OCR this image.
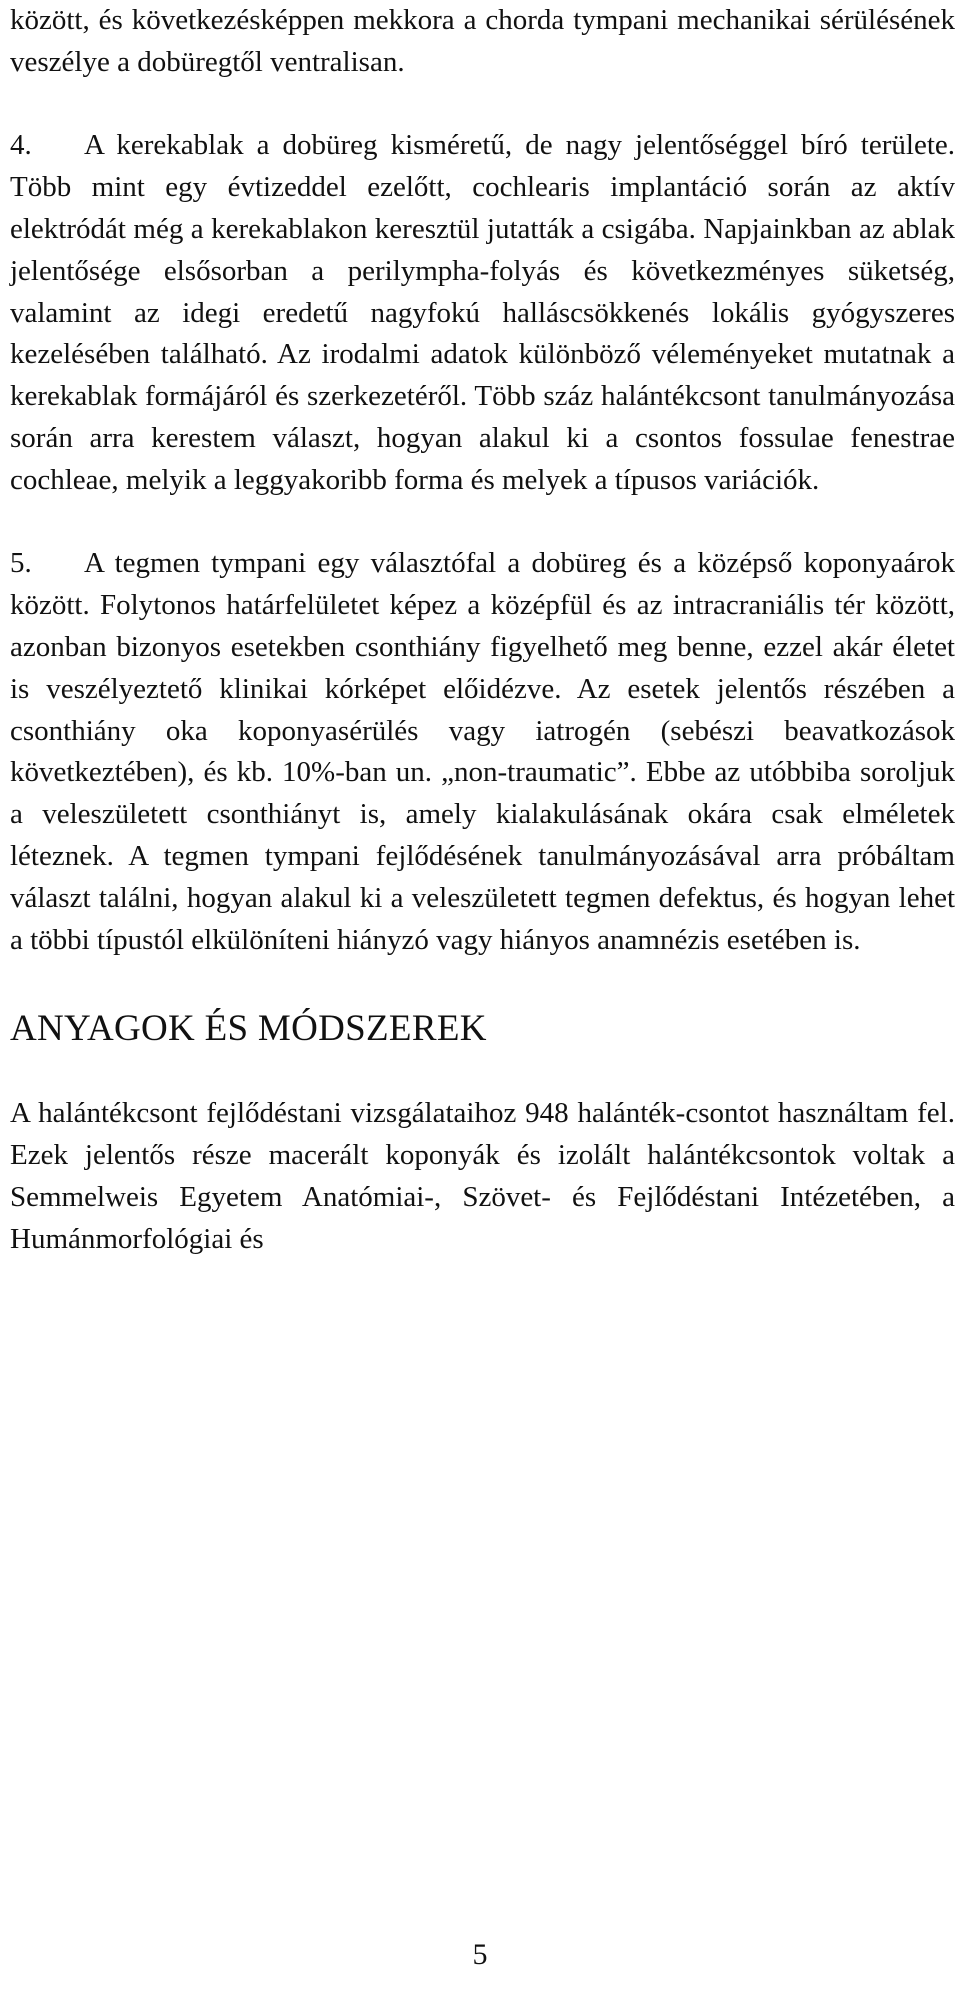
között, és következésképpen mekkora a chorda tympani mechanikai sérülésének veszélye a dobüregtől ventralisan.

4. A kerekablak a dobüreg kisméretű, de nagy jelentőséggel bíró területe. Több mint egy évtizeddel ezelőtt, cochlearis implantáció során az aktív elektródát még a kerekablakon keresztül jutatták a csigába. Napjainkban az ablak jelentősége elsősorban a perilympha-folyás és következményes süketség, valamint az idegi eredetű nagyfokú halláscsökkenés lokális gyógyszeres kezelésében található. Az irodalmi adatok különböző véleményeket mutatnak a kerekablak formájáról és szerkezetéről. Több száz halántékcsont tanulmányozása során arra kerestem választ, hogyan alakul ki a csontos fossulae fenestrae cochleae, melyik a leggyakoribb forma és melyek a típusos variációk.

5. A tegmen tympani egy választófal a dobüreg és a középső koponyaárok között. Folytonos határfelületet képez a középfül és az intracraniális tér között, azonban bizonyos esetekben csonthiány figyelhető meg benne, ezzel akár életet is veszélyeztető klinikai kórképet előidézve. Az esetek jelentős részében a csonthiány oka koponyasérülés vagy iatrogén (sebészi beavatkozások következtében), és kb. 10%-ban un. „non-traumatic”. Ebbe az utóbbiba soroljuk a veleszületett csonthiányt is, amely kialakulásának okára csak elméletek léteznek. A tegmen tympani fejlődésének tanulmányozásával arra próbáltam választ találni, hogyan alakul ki a veleszületett tegmen defektus, és hogyan lehet a többi típustól elkülöníteni hiányzó vagy hiányos anamnézis esetében is.

ANYAGOK ÉS MÓDSZEREK

A halántékcsont fejlődéstani vizsgálataihoz 948 halánték-csontot használtam fel. Ezek jelentős része macerált koponyák és izolált halántékcsontok voltak a Semmelweis Egyetem Anatómiai-, Szövet- és Fejlődéstani Intézetében, a Humánmorfológiai és

5
